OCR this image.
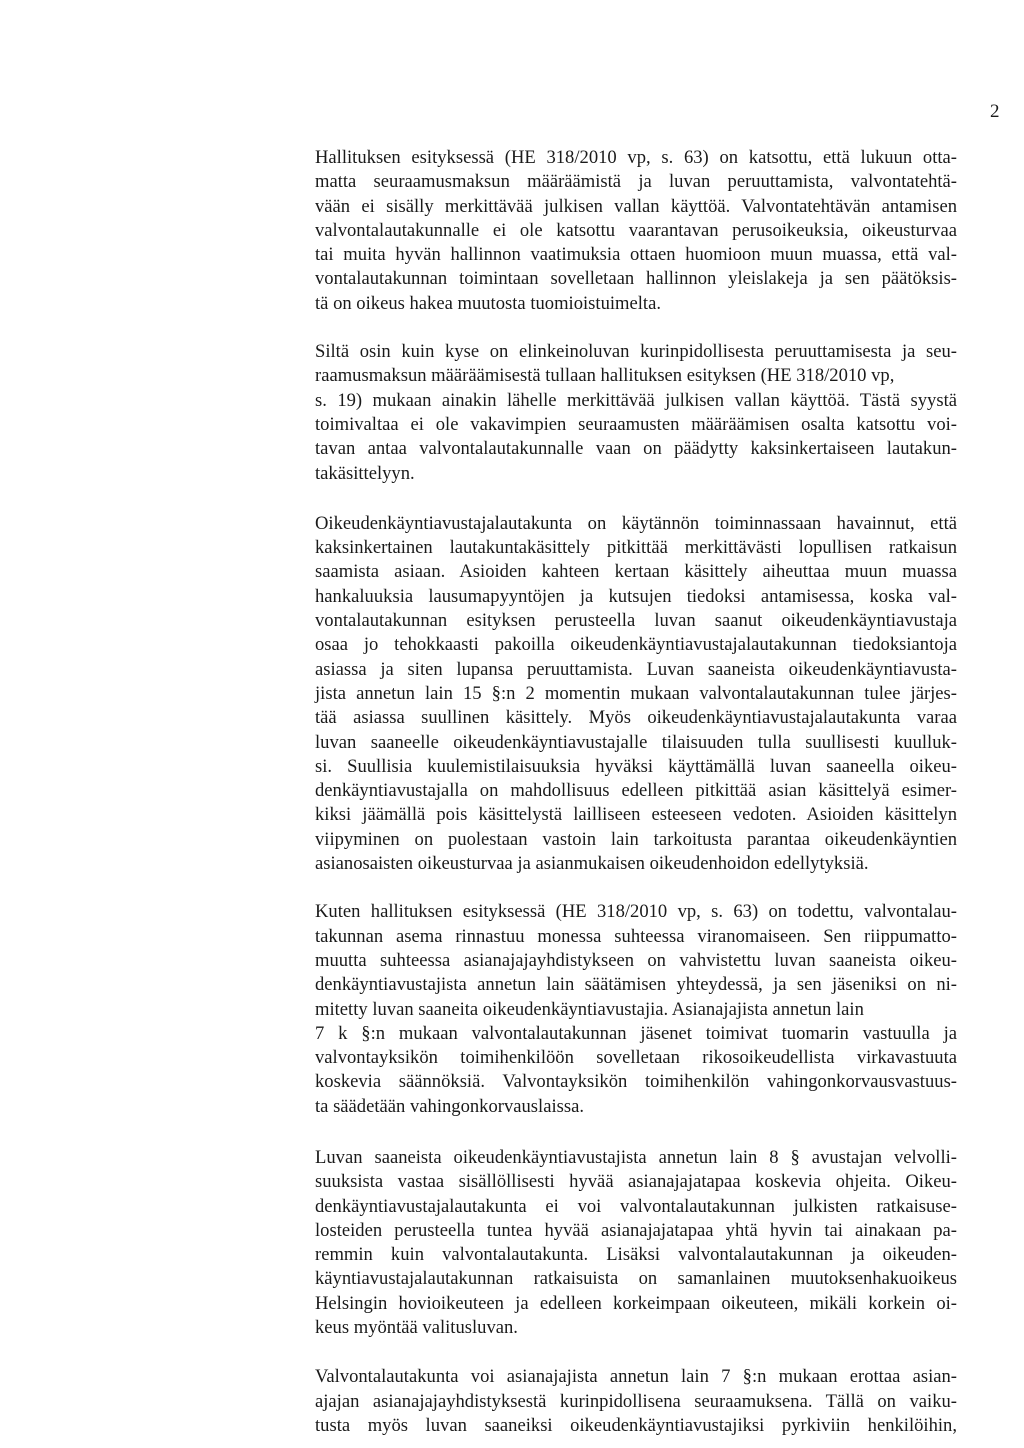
2

Hallituksen esityksessä (HE 318/2010 vp, s. 63) on katsottu, että lukuun otta-
matta seuraamusmaksun määräämistä ja luvan peruuttamista, valvontatehtä-
vään ei sisälly merkittävää julkisen vallan käyttöä. Valvontatehtävän antamisen
valvontalautakunnalle ei ole katsottu vaarantavan perusoikeuksia, oikeusturvaa
tai muita hyvän hallinnon vaatimuksia ottaen huomioon muun muassa, että val-
vontalautakunnan toimintaan sovelletaan hallinnon yleislakeja ja sen päätöksis-
tä on oikeus hakea muutosta tuomioistuimelta.

Siltä osin kuin kyse on elinkeinoluvan kurinpidollisesta peruuttamisesta ja seu-
raamusmaksun määräämisestä tullaan hallituksen esityksen (HE 318/2010 vp,
s. 19) mukaan ainakin lähelle merkittävää julkisen vallan käyttöä. Tästä syystä
toimivaltaa ei ole vakavimpien seuraamusten määräämisen osalta katsottu voi-
tavan antaa valvontalautakunnalle vaan on päädytty kaksinkertaiseen lautakun-
takäsittelyyn.

Oikeudenkäyntiavustajalautakunta on käytännön toiminnassaan havainnut, että
kaksinkertainen lautakuntakäsittely pitkittää merkittävästi lopullisen ratkaisun
saamista asiaan. Asioiden kahteen kertaan käsittely aiheuttaa muun muassa
hankaluuksia lausumapyyntöjen ja kutsujen tiedoksi antamisessa, koska val-
vontalautakunnan esityksen perusteella luvan saanut oikeudenkäyntiavustaja
osaa jo tehokkaasti pakoilla oikeudenkäyntiavustajalautakunnan tiedoksiantoja
asiassa ja siten lupansa peruuttamista. Luvan saaneista oikeudenkäyntiavusta-
jista annetun lain 15 §:n 2 momentin mukaan valvontalautakunnan tulee järjes-
tää asiassa suullinen käsittely. Myös oikeudenkäyntiavustajalautakunta varaa
luvan saaneelle oikeudenkäyntiavustajalle tilaisuuden tulla suullisesti kuulluk-
si. Suullisia kuulemistilaisuuksia hyväksi käyttämällä luvan saaneella oikeu-
denkäyntiavustajalla on mahdollisuus edelleen pitkittää asian käsittelyä esimer-
kiksi jäämällä pois käsittelystä lailliseen esteeseen vedoten. Asioiden käsittelyn
viipyminen on puolestaan vastoin lain tarkoitusta parantaa oikeudenkäyntien
asianosaisten oikeusturvaa ja asianmukaisen oikeudenhoidon edellytyksiä.

Kuten hallituksen esityksessä (HE 318/2010 vp, s. 63) on todettu, valvontalau-
takunnan asema rinnastuu monessa suhteessa viranomaiseen. Sen riippumatto-
muutta suhteessa asianajajayhdistykseen on vahvistettu luvan saaneista oikeu-
denkäyntiavustajista annetun lain säätämisen yhteydessä, ja sen jäseniksi on ni-
mitetty luvan saaneita oikeudenkäyntiavustajia. Asianajajista annetun lain
7 k §:n mukaan valvontalautakunnan jäsenet toimivat tuomarin vastuulla ja
valvontayksikön toimihenkilöön sovelletaan rikosoikeudellista virkavastuuta
koskevia säännöksiä. Valvontayksikön toimihenkilön vahingonkorvausvastuus-
ta säädetään vahingonkorvauslaissa.

Luvan saaneista oikeudenkäyntiavustajista annetun lain 8 § avustajan velvolli-
suuksista vastaa sisällöllisesti hyvää asianajajatapaa koskevia ohjeita. Oikeu-
denkäyntiavustajalautakunta ei voi valvontalautakunnan julkisten ratkaisuse-
losteiden perusteella tuntea hyvää asianajajatapaa yhtä hyvin tai ainakaan pa-
remmin kuin valvontalautakunta. Lisäksi valvontalautakunnan ja oikeuden-
käyntiavustajalautakunnan ratkaisuista on samanlainen muutoksenhakuoikeus
Helsingin hovioikeuteen ja edelleen korkeimpaan oikeuteen, mikäli korkein oi-
keus myöntää valitusluvan.

Valvontalautakunta voi asianajajista annetun lain 7 §:n mukaan erottaa asian-
ajajan asianajajayhdistyksestä kurinpidollisena seuraamuksena. Tällä on vaiku-
tusta myös luvan saaneiksi oikeudenkäyntiavustajiksi pyrkiviin henkilöihin,
